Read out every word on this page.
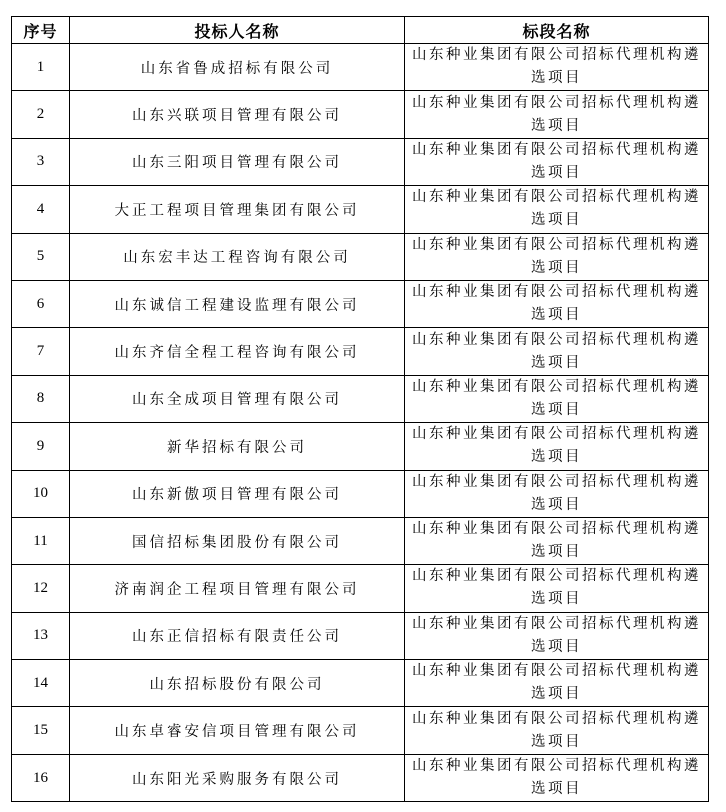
序号	投标人名称	标段名称
1	山东省鲁成招标有限公司	山东种业集团有限公司招标代理机构遴选项目
2	山东兴联项目管理有限公司	山东种业集团有限公司招标代理机构遴选项目
3	山东三阳项目管理有限公司	山东种业集团有限公司招标代理机构遴选项目
4	大正工程项目管理集团有限公司	山东种业集团有限公司招标代理机构遴选项目
5	山东宏丰达工程咨询有限公司	山东种业集团有限公司招标代理机构遴选项目
6	山东诚信工程建设监理有限公司	山东种业集团有限公司招标代理机构遴选项目
7	山东齐信全程工程咨询有限公司	山东种业集团有限公司招标代理机构遴选项目
8	山东全成项目管理有限公司	山东种业集团有限公司招标代理机构遴选项目
9	新华招标有限公司	山东种业集团有限公司招标代理机构遴选项目
10	山东新傲项目管理有限公司	山东种业集团有限公司招标代理机构遴选项目
11	国信招标集团股份有限公司	山东种业集团有限公司招标代理机构遴选项目
12	济南润企工程项目管理有限公司	山东种业集团有限公司招标代理机构遴选项目
13	山东正信招标有限责任公司	山东种业集团有限公司招标代理机构遴选项目
14	山东招标股份有限公司	山东种业集团有限公司招标代理机构遴选项目
15	山东卓睿安信项目管理有限公司	山东种业集团有限公司招标代理机构遴选项目
16	山东阳光采购服务有限公司	山东种业集团有限公司招标代理机构遴选项目
